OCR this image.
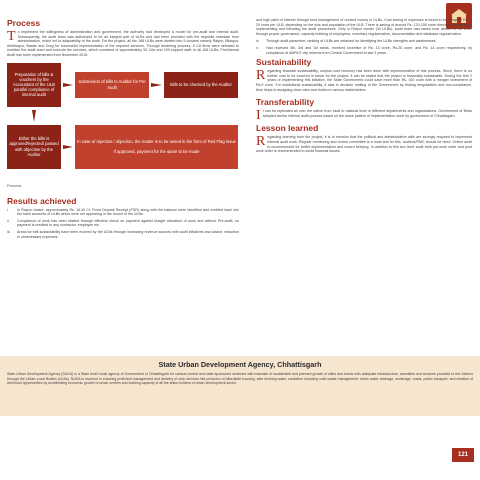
Process

To implement the willingness of administration and government, the authority had developed a model for pre-audit and internal audit. Subsequently, the audit team was authorized to be an integral part of ULBs and had been provided with the requisite mandate from administration, which led to adaptability of the audit. For the project, all the 168 ULBs were divided into 5 clusters namely Raipur, Bilaspur, Ambikapur, Bastar and Durg for successful implementation of the required services. Through tendering process, 5 CA firms were selected to mobilize the audit team and execute the services, which consisted of approximately 50 CAs and 100 support staff. In all 168 ULBs, Pre/Internal Audit has been implemented from November 2015.

Preparation of bills & vouchers by the Accountant of the ULB parallel compliance of internal audit
Submission of bills to Auditor for Pre Audit
Bills to be checked by the Auditor
Either the bills is approved/rejected/ passed with objection by the Auditor
In case of rejection / objection, the matter is to be raised in the form of Red Flag Issue
If approved, payment for the same to be made
Process
Results achieved
i.	In Raipur cluster, approximately Rs. 16.40 Cr. Fixed Deposit Receipt (FDR) along with the balance were identified and credited back into the bank accounts of ULBs which were not appearing in the record of the ULBs.
ii.	Compliance of work has been started through effective check on payment against budget allocation of work and without Pre-audit, no payment is credited to any contractor, employee etc.
iii.	Areas for self-sustainability have been evolved by the ULBs through increasing revenue sources with audit initiatives and advice, reduction in unnecessary expenses

and high yield of interest through fund management of unused money in ULBs. Cost saving in expenses is found in the range of Rs 1-20 crore per ULB, depending on the size and population of the ULB. There is saving of around Rs. 120-150 crore directly & indirectly by implementing and following the audit procedures. Only in Raipur cluster (34 ULBs), audit team had saved near about Rs. 95 crore through proper governance, capacity building of employees, monetary regularization, documentation and database regularization.

iv.	Through audit parameter, ranking of ULBs are obtained for identifying the ULBs strengths and weaknesses.
v.	Had received 4th, 3rd and 1st ranks, received incentive of Rs. 13 crore, Rs.25 crore, and Rs. 14 crore respectively, by compliance of AMRUT city reforms from Central Government in last 3 years.
Sustainability

Regarding financial sustainability, surplus cost recovery has been done with implementation of this process. Since, there is no further cost to be incurred in future for the project, it can be stated that the project is financially sustainable. During the first 2 years of implementing this initiative, the State Government could save more than Rs. 100 crore with a meager investment of Rs.9 crore. For institutional sustainability, it aids in decision making of the Government by finding irregularities and non-compliance, thus helps in assigning clear roles and duties to various stakeholders.

Transferability

It can be replicated all over the nation from local to national level in different departments and organizations. Government of Bihar adopted similar internal audit process based on the same pattern of implementation done by government of Chhattisgarh.

Lesson learned

Regarding learning from the project, it is to mention that the political and administrative wills are strongly required to implement internal audit work. Regular monitoring and review committee is a must and for this, auditors/PMC should be hired. Online audit is recommended for better implementation and record keeping. In addition to this two level audit both pre-work order and post work order is recommended to avoid financial issues.

State Urban Development Agency, Chhattisgarh

State Urban Development Agency (SUDA) is a State level nodal agency of Government of Chhattisgarh for various central and state sponsored schemes with mandate of sustainable and planned growth of cities and towns with adequate infrastructure, amenities and services provided to the citizens through the Urban Local Bodies (ULBs). SUDA is involved in ensuring proficient management and delivery of civic services like provision of affordable housing, safe drinking water, sanitation including solid waste management, storm water drainage, sewerage, roads, public transport, and creation of livelihood opportunities by accelerating economic growth of urban centres and building capacity of all the stake-holders of urban development sector.

121
